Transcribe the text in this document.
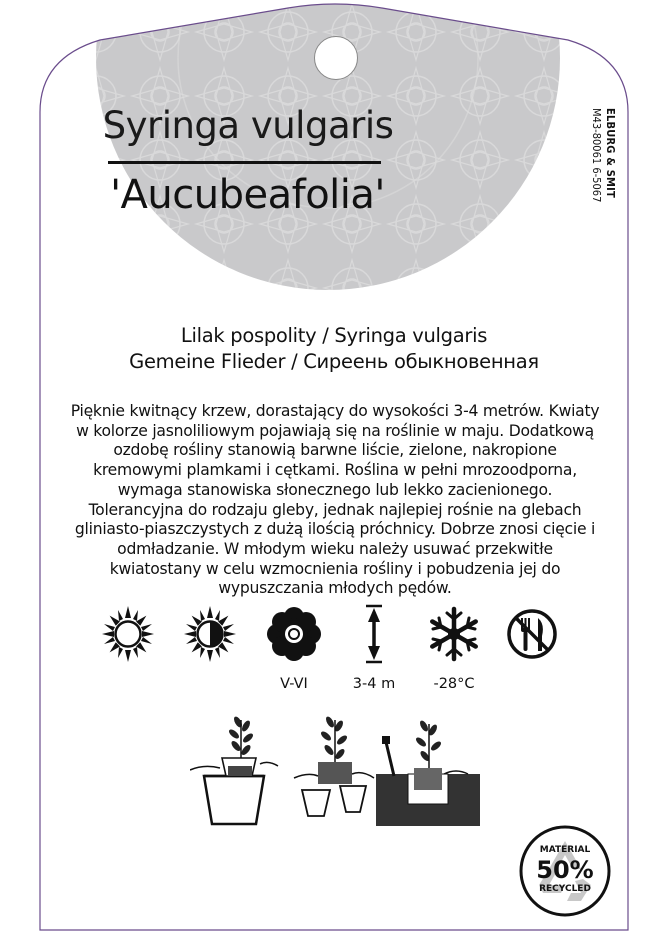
Syringa vulgaris
'Aucubeafolia'	ELBURG & SMIT
M43-80061 6-5067
Lilak pospolity / Syringa vulgaris
Gemeine Flieder / Сиреень обыкновенная
Pięknie kwitnący krzew, dorastający do wysokości 3-4 metrów. Kwiaty w kolorze jasnoliliowym pojawiają się na roślinie w maju. Dodatkową ozdobę rośliny stanowią barwne liście, zielone, nakropione kremowymi plamkami i cętkami. Roślina w pełni mrozoodporna, wymaga stanowiska słonecznego lub lekko zacienionego. Tolerancyjna do rodzaju gleby, jednak najlepiej rośnie na glebach gliniasto-piaszczystych z dużą ilością próchnicy. Dobrze znosi cięcie i odmładzanie. W młodym wieku należy usuwać przekwitłe kwiatostany w celu wzmocnienia rośliny i pobudzenia jej do wypuszczania młodych pędów.
V-VI	3-4 m	-28°C
MATERIAL
50%
RECYCLED
